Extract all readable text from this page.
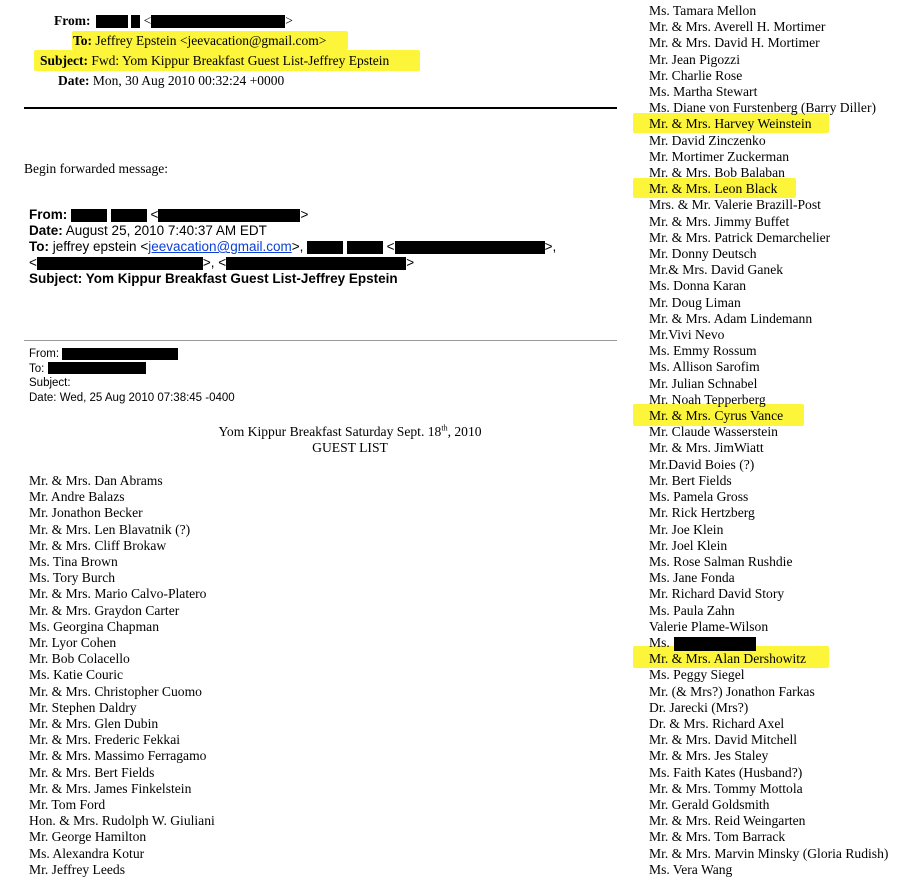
From:	<	>
To: Jeffrey Epstein <jeevacation@gmail.com>
Subject: Fwd: Yom Kippur Breakfast Guest List-Jeffrey Epstein
Date: Mon, 30 Aug 2010 00:32:24 +0000
Begin forwarded message:
From:	<	>
Date: August 25, 2010 7:40:37 AM EDT
To: jeffrey epstein <jeevacation@gmail.com>,	<	>,
<	>, <	>
Subject: Yom Kippur Breakfast Guest List-Jeffrey Epstein
From:
To:
Subject:
Date: Wed, 25 Aug 2010 07:38:45 -0400
Yom Kippur Breakfast Saturday Sept. 18th, 2010
GUEST LIST
Mr. & Mrs. Dan Abrams
Mr. Andre Balazs
Mr. Jonathon Becker
Mr. & Mrs. Len Blavatnik (?)
Mr. & Mrs. Cliff Brokaw
Ms. Tina Brown
Ms. Tory Burch
Mr. & Mrs. Mario Calvo-Platero
Mr. & Mrs. Graydon Carter
Ms. Georgina Chapman
Mr. Lyor Cohen
Mr. Bob Colacello
Ms. Katie Couric
Mr. & Mrs. Christopher Cuomo
Mr. Stephen Daldry
Mr. & Mrs. Glen Dubin
Mr. & Mrs. Frederic Fekkai
Mr. & Mrs. Massimo Ferragamo
Mr. & Mrs. Bert Fields
Mr. & Mrs. James Finkelstein
Mr. Tom Ford
Hon. & Mrs. Rudolph W. Giuliani
Mr. George Hamilton
Ms. Alexandra Kotur
Mr. Jeffrey Leeds
Ms. Tamara Mellon
Mr. & Mrs. Averell H. Mortimer
Mr. & Mrs. David H. Mortimer
Mr. Jean Pigozzi
Mr. Charlie Rose
Ms. Martha Stewart
Ms. Diane von Furstenberg (Barry Diller)
Mr. & Mrs. Harvey Weinstein
Mr. David Zinczenko
Mr. Mortimer Zuckerman
Mr. & Mrs. Bob Balaban
Mr. & Mrs. Leon Black
Mrs. & Mr. Valerie Brazill-Post
Mr. & Mrs. Jimmy Buffet
Mr. & Mrs. Patrick Demarchelier
Mr. Donny Deutsch
Mr.& Mrs. David Ganek
Ms. Donna Karan
Mr. Doug Liman
Mr. & Mrs. Adam Lindemann
Mr.Vivi Nevo
Ms. Emmy Rossum
Ms. Allison Sarofim
Mr. Julian Schnabel
Mr. Noah Tepperberg
Mr. & Mrs. Cyrus Vance
Mr. Claude Wasserstein
Mr. & Mrs. JimWiatt
Mr.David Boies (?)
Mr. Bert Fields
Ms. Pamela Gross
Mr. Rick Hertzberg
Mr. Joe Klein
Mr. Joel Klein
Ms. Rose Salman Rushdie
Ms. Jane Fonda
Mr. Richard David Story
Ms. Paula Zahn
Valerie Plame-Wilson
Ms.
Mr. & Mrs. Alan Dershowitz
Ms. Peggy Siegel
Mr. (& Mrs?) Jonathon Farkas
Dr. Jarecki (Mrs?)
Dr. & Mrs. Richard Axel
Mr. & Mrs. David Mitchell
Mr. & Mrs. Jes Staley
Ms. Faith Kates (Husband?)
Mr. & Mrs. Tommy Mottola
Mr. Gerald Goldsmith
Mr. & Mrs. Reid Weingarten
Mr. & Mrs. Tom Barrack
Mr. & Mrs. Marvin Minsky (Gloria Rudish)
Ms. Vera Wang
